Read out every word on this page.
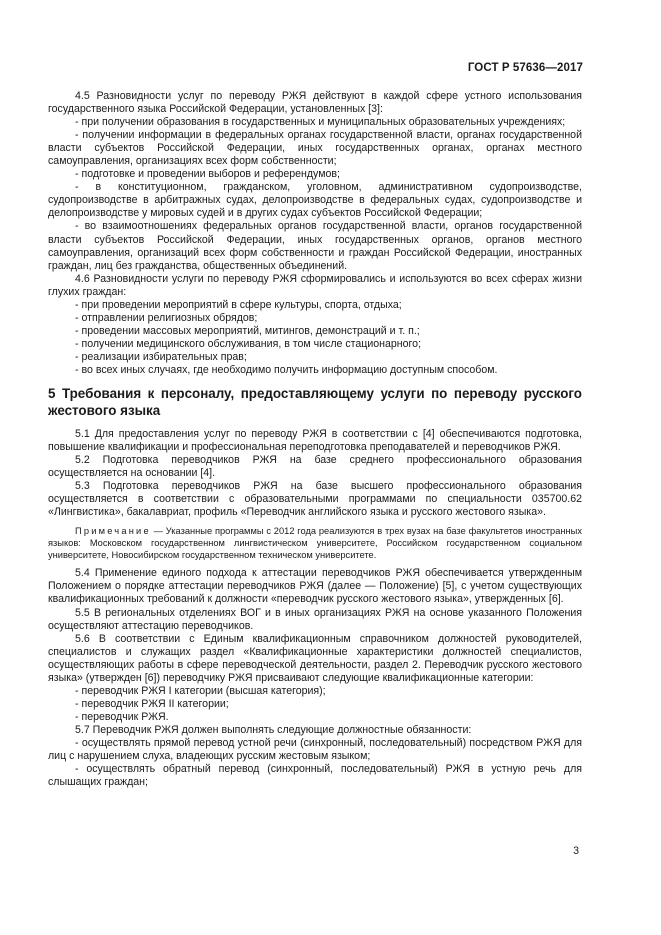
ГОСТ Р 57636—2017

4.5 Разновидности услуг по переводу РЖЯ действуют в каждой сфере устного использования государственного языка Российской Федерации, установленных [3]:

- при получении образования в государственных и муниципальных образовательных учреждениях;

- получении информации в федеральных органах государственной власти, органах государственной власти субъектов Российской Федерации, иных государственных органах, органах местного самоуправления, организациях всех форм собственности;

- подготовке и проведении выборов и референдумов;

- в конституционном, гражданском, уголовном, административном судопроизводстве, судопроизводстве в арбитражных судах, делопроизводстве в федеральных судах, судопроизводстве и делопроизводстве у мировых судей и в других судах субъектов Российской Федерации;

- во взаимоотношениях федеральных органов государственной власти, органов государственной власти субъектов Российской Федерации, иных государственных органов, органов местного самоуправления, организаций всех форм собственности и граждан Российской Федерации, иностранных граждан, лиц без гражданства, общественных объединений.

4.6 Разновидности услуги по переводу РЖЯ сформировались и используются во всех сферах жизни глухих граждан:

- при проведении мероприятий в сфере культуры, спорта, отдыха;

- отправлении религиозных обрядов;

- проведении массовых мероприятий, митингов, демонстраций и т. п.;

- получении медицинского обслуживания, в том числе стационарного;

- реализации избирательных прав;

- во всех иных случаях, где необходимо получить информацию доступным способом.

5 Требования к персоналу, предоставляющему услуги по переводу русского жестового языка

5.1 Для предоставления услуг по переводу РЖЯ в соответствии с [4] обеспечиваются подготовка, повышение квалификации и профессиональная переподготовка преподавателей и переводчиков РЖЯ.

5.2 Подготовка переводчиков РЖЯ на базе среднего профессионального образования осуществляется на основании [4].

5.3 Подготовка переводчиков РЖЯ на базе высшего профессионального образования осуществляется в соответствии с образовательными программами по специальности 035700.62 «Лингвистика», бакалавриат, профиль «Переводчик английского языка и русского жестового языка».

Примечание — Указанные программы с 2012 года реализуются в трех вузах на базе факультетов иностранных языков: Московском государственном лингвистическом университете, Российском государственном социальном университете, Новосибирском государственном техническом университете.

5.4 Применение единого подхода к аттестации переводчиков РЖЯ обеспечивается утвержденным Положением о порядке аттестации переводчиков РЖЯ (далее — Положение) [5], с учетом существующих квалификационных требований к должности «переводчик русского жестового языка», утвержденных [6].

5.5 В региональных отделениях ВОГ и в иных организациях РЖЯ на основе указанного Положения осуществляют аттестацию переводчиков.

5.6 В соответствии с Единым квалификационным справочником должностей руководителей, специалистов и служащих раздел «Квалификационные характеристики должностей специалистов, осуществляющих работы в сфере переводческой деятельности, раздел 2. Переводчик русского жестового языка» (утвержден [6]) переводчику РЖЯ присваивают следующие квалификационные категории:

- переводчик РЖЯ I категории (высшая категория);

- переводчик РЖЯ II категории;

- переводчик РЖЯ.

5.7 Переводчик РЖЯ должен выполнять следующие должностные обязанности:

- осуществлять прямой перевод устной речи (синхронный, последовательный) посредством РЖЯ для лиц с нарушением слуха, владеющих русским жестовым языком;

- осуществлять обратный перевод (синхронный, последовательный) РЖЯ в устную речь для слышащих граждан;

3
